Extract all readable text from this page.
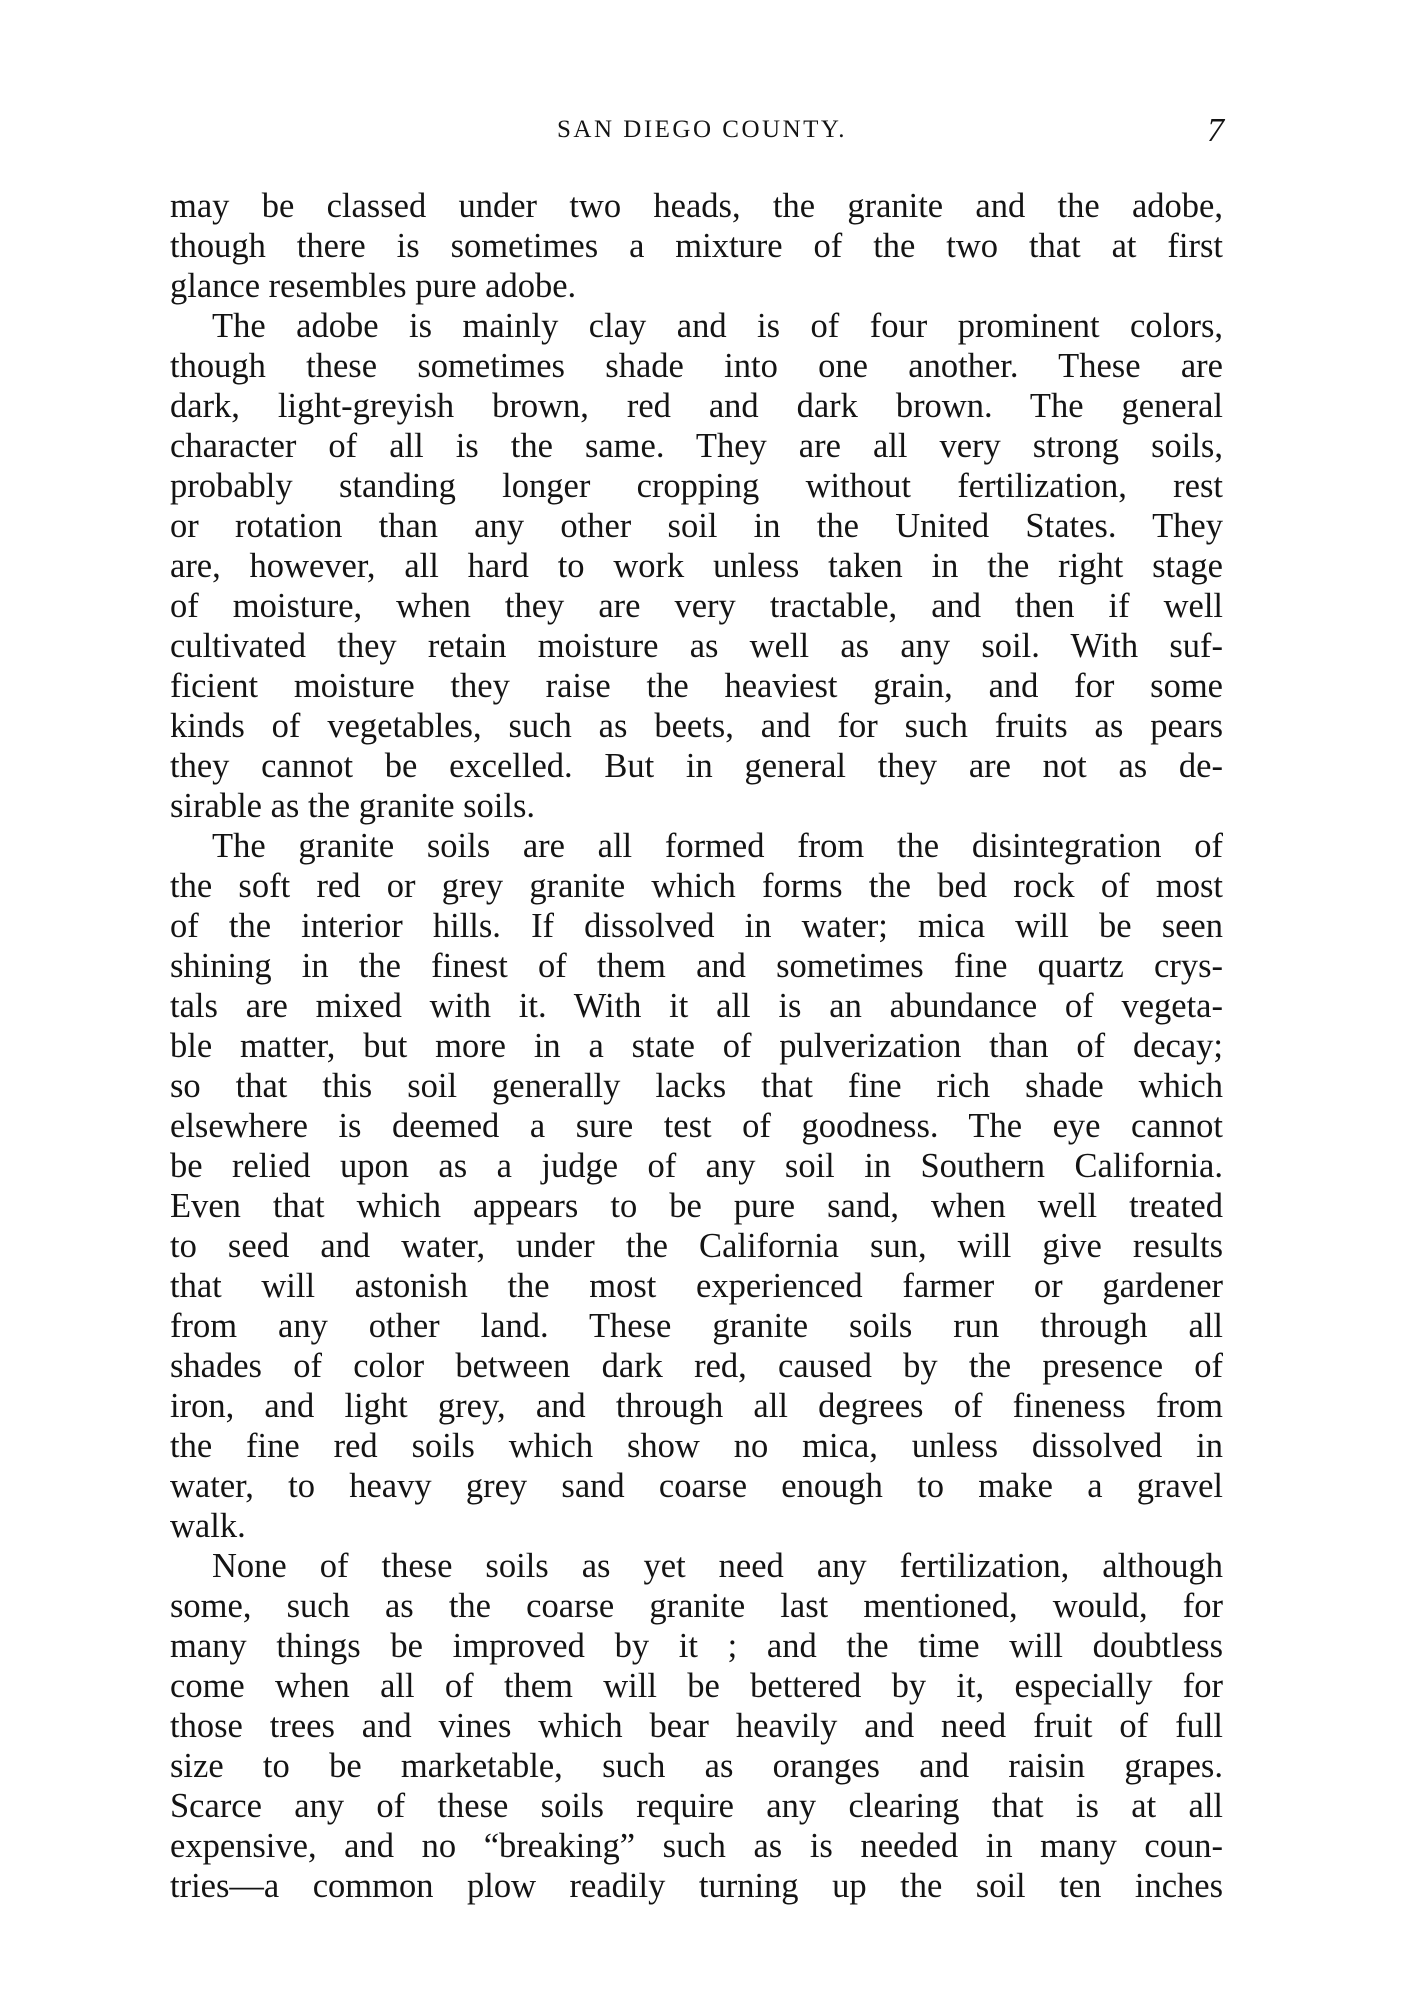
SAN DIEGO COUNTY.	7
may be classed under two heads, the granite and the adobe,
though there is sometimes a mixture of the two that at first
glance resembles pure adobe.
The adobe is mainly clay and is of four prominent colors,
though these sometimes shade into one another. These are
dark, light-greyish brown, red and dark brown. The general
character of all is the same. They are all very strong soils,
probably standing longer cropping without fertilization, rest
or rotation than any other soil in the United States. They
are, however, all hard to work unless taken in the right stage
of moisture, when they are very tractable, and then if well
cultivated they retain moisture as well as any soil. With suf-
ficient moisture they raise the heaviest grain, and for some
kinds of vegetables, such as beets, and for such fruits as pears
they cannot be excelled. But in general they are not as de-
sirable as the granite soils.
The granite soils are all formed from the disintegration of
the soft red or grey granite which forms the bed rock of most
of the interior hills. If dissolved in water; mica will be seen
shining in the finest of them and sometimes fine quartz crys-
tals are mixed with it. With it all is an abundance of vegeta-
ble matter, but more in a state of pulverization than of decay;
so that this soil generally lacks that fine rich shade which
elsewhere is deemed a sure test of goodness. The eye cannot
be relied upon as a judge of any soil in Southern California.
Even that which appears to be pure sand, when well treated
to seed and water, under the California sun, will give results
that will astonish the most experienced farmer or gardener
from any other land. These granite soils run through all
shades of color between dark red, caused by the presence of
iron, and light grey, and through all degrees of fineness from
the fine red soils which show no mica, unless dissolved in
water, to heavy grey sand coarse enough to make a gravel
walk.
None of these soils as yet need any fertilization, although
some, such as the coarse granite last mentioned, would, for
many things be improved by it ; and the time will doubtless
come when all of them will be bettered by it, especially for
those trees and vines which bear heavily and need fruit of full
size to be marketable, such as oranges and raisin grapes.
Scarce any of these soils require any clearing that is at all
expensive, and no “breaking” such as is needed in many coun-
tries—a common plow readily turning up the soil ten inches
